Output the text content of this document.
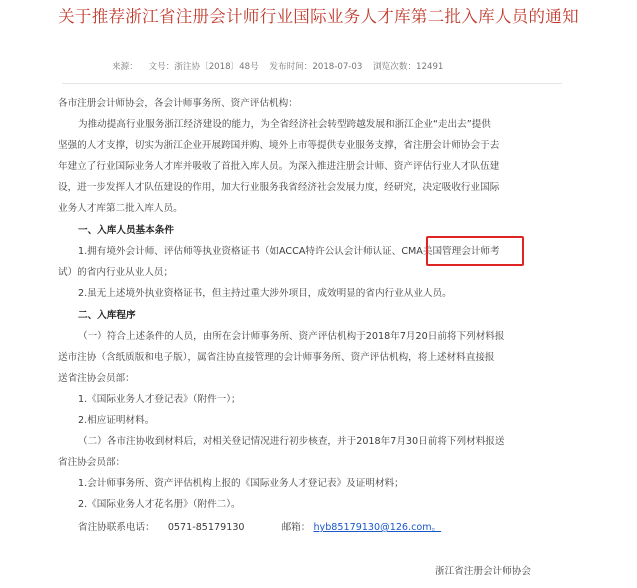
关于推荐浙江省注册会计师行业国际业务人才库第二批入库人员的通知
来源： 文号：浙注协〔2018〕48号 发布时间：2018-07-03 浏览次数：12491
各市注册会计师协会，各会计师事务所、资产评估机构：
为推动提高行业服务浙江经济建设的能力，为全省经济社会转型跨越发展和浙江企业“走出去”提供
坚强的人才支撑，切实为浙江企业开展跨国并购、境外上市等提供专业服务支撑，省注册会计师协会于去
年建立了行业国际业务人才库并吸收了首批入库人员。为深入推进注册会计师、资产评估行业人才队伍建
设，进一步发挥人才队伍建设的作用，加大行业服务我省经济社会发展力度，经研究，决定吸收行业国际
业务人才库第二批入库人员。
一、入库人员基本条件
1.拥有境外会计师、评估师等执业资格证书（如ACCA特许公认会计师认证、CMA美国管理会计师考
试）的省内行业从业人员；
2.虽无上述境外执业资格证书，但主持过重大涉外项目，成效明显的省内行业从业人员。
二、入库程序
（一）符合上述条件的人员，由所在会计师事务所、资产评估机构于2018年7月20日前将下列材料报
送市注协（含纸质版和电子版），属省注协直接管理的会计师事务所、资产评估机构，将上述材料直接报
送省注协会员部：
1.《国际业务人才登记表》（附件一）；
2.相应证明材料。
（二）各市注协收到材料后，对相关登记情况进行初步核查，并于2018年7月30日前将下列材料报送
省注协会员部：
1.会计师事务所、资产评估机构上报的《国际业务人才登记表》及证明材料；
2.《国际业务人才花名册》（附件二）。
省注协联系电话： 0571-85179130	邮箱： hyb85179130@126.com。
浙江省注册会计师协会
